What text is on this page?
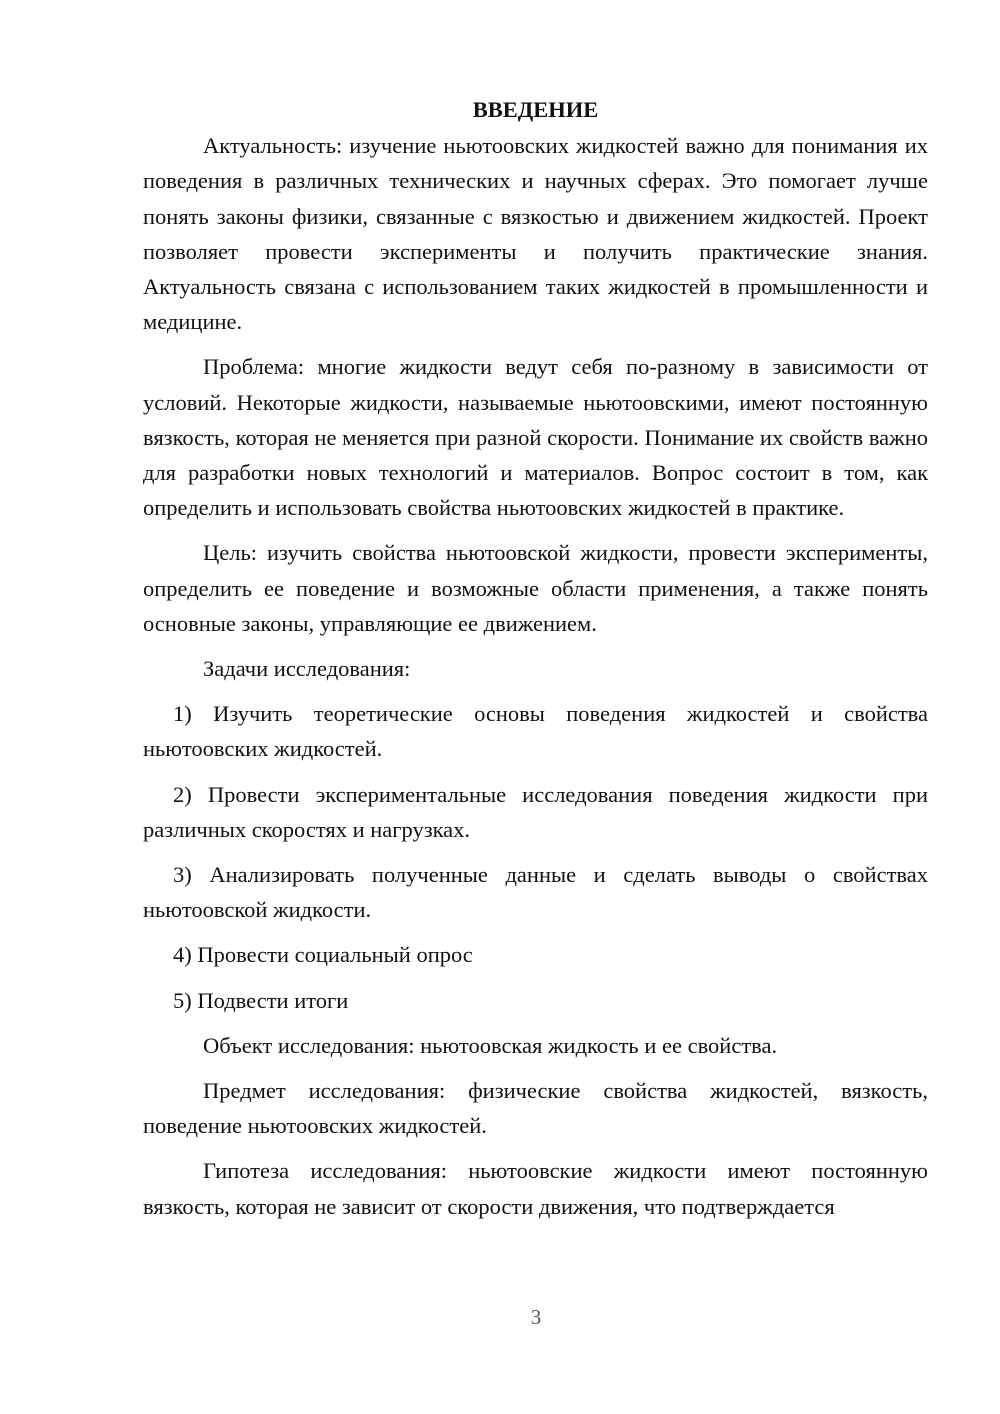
ВВЕДЕНИЕ

Актуальность: изучение ньютоовских жидкостей важно для понимания их поведения в различных технических и научных сферах. Это помогает лучше понять законы физики, связанные с вязкостью и движением жидкостей. Проект позволяет провести эксперименты и получить практические знания. Актуальность связана с использованием таких жидкостей в промышленности и медицине.

Проблема: многие жидкости ведут себя по-разному в зависимости от условий. Некоторые жидкости, называемые ньютоовскими, имеют постоянную вязкость, которая не меняется при разной скорости. Понимание их свойств важно для разработки новых технологий и материалов. Вопрос состоит в том, как определить и использовать свойства ньютоовских жидкостей в практике.

Цель: изучить свойства ньютоовской жидкости, провести эксперименты, определить ее поведение и возможные области применения, а также понять основные законы, управляющие ее движением.

Задачи исследования:

1) Изучить теоретические основы поведения жидкостей и свойства ньютоовских жидкостей.

2) Провести экспериментальные исследования поведения жидкости при различных скоростях и нагрузках.

3) Анализировать полученные данные и сделать выводы о свойствах ньютоовской жидкости.

4) Провести социальный опрос

5) Подвести итоги

Объект исследования: ньютоовская жидкость и ее свойства.

Предмет исследования: физические свойства жидкостей, вязкость, поведение ньютоовских жидкостей.

Гипотеза исследования: ньютоовские жидкости имеют постоянную вязкость, которая не зависит от скорости движения, что подтверждается

3
